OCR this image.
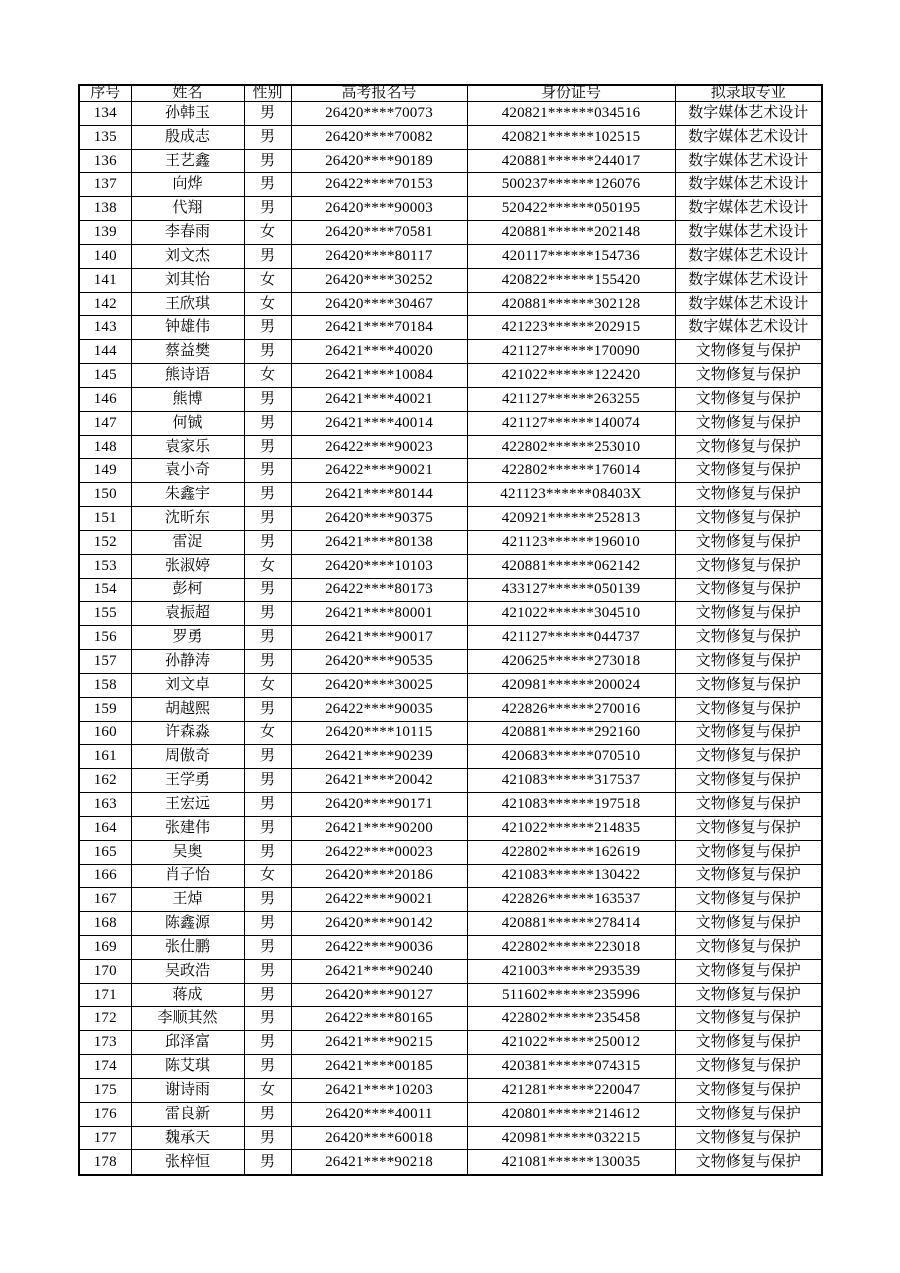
序号	姓名	性别	高考报名号	身份证号	拟录取专业
134	孙韩玉	男	26420****70073	420821******034516	数字媒体艺术设计
135	殷成志	男	26420****70082	420821******102515	数字媒体艺术设计
136	王艺鑫	男	26420****90189	420881******244017	数字媒体艺术设计
137	向烨	男	26422****70153	500237******126076	数字媒体艺术设计
138	代翔	男	26420****90003	520422******050195	数字媒体艺术设计
139	李春雨	女	26420****70581	420881******202148	数字媒体艺术设计
140	刘文杰	男	26420****80117	420117******154736	数字媒体艺术设计
141	刘其怡	女	26420****30252	420822******155420	数字媒体艺术设计
142	王欣琪	女	26420****30467	420881******302128	数字媒体艺术设计
143	钟雄伟	男	26421****70184	421223******202915	数字媒体艺术设计
144	蔡益樊	男	26421****40020	421127******170090	文物修复与保护
145	熊诗语	女	26421****10084	421022******122420	文物修复与保护
146	熊博	男	26421****40021	421127******263255	文物修复与保护
147	何铖	男	26421****40014	421127******140074	文物修复与保护
148	袁家乐	男	26422****90023	422802******253010	文物修复与保护
149	袁小奇	男	26422****90021	422802******176014	文物修复与保护
150	朱鑫宇	男	26421****80144	421123******08403X	文物修复与保护
151	沈昕东	男	26420****90375	420921******252813	文物修复与保护
152	雷浞	男	26421****80138	421123******196010	文物修复与保护
153	张淑婷	女	26420****10103	420881******062142	文物修复与保护
154	彭柯	男	26422****80173	433127******050139	文物修复与保护
155	袁振超	男	26421****80001	421022******304510	文物修复与保护
156	罗勇	男	26421****90017	421127******044737	文物修复与保护
157	孙静涛	男	26420****90535	420625******273018	文物修复与保护
158	刘文卓	女	26420****30025	420981******200024	文物修复与保护
159	胡越熙	男	26422****90035	422826******270016	文物修复与保护
160	许森淼	女	26420****10115	420881******292160	文物修复与保护
161	周傲奇	男	26421****90239	420683******070510	文物修复与保护
162	王学勇	男	26421****20042	421083******317537	文物修复与保护
163	王宏远	男	26420****90171	421083******197518	文物修复与保护
164	张建伟	男	26421****90200	421022******214835	文物修复与保护
165	吴奥	男	26422****00023	422802******162619	文物修复与保护
166	肖子怡	女	26420****20186	421083******130422	文物修复与保护
167	王焯	男	26422****90021	422826******163537	文物修复与保护
168	陈鑫源	男	26420****90142	420881******278414	文物修复与保护
169	张仕鹏	男	26422****90036	422802******223018	文物修复与保护
170	吴政浩	男	26421****90240	421003******293539	文物修复与保护
171	蒋成	男	26420****90127	511602******235996	文物修复与保护
172	李顺其然	男	26422****80165	422802******235458	文物修复与保护
173	邱泽富	男	26421****90215	421022******250012	文物修复与保护
174	陈艾琪	男	26421****00185	420381******074315	文物修复与保护
175	谢诗雨	女	26421****10203	421281******220047	文物修复与保护
176	雷良新	男	26420****40011	420801******214612	文物修复与保护
177	魏承天	男	26420****60018	420981******032215	文物修复与保护
178	张梓恒	男	26421****90218	421081******130035	文物修复与保护
